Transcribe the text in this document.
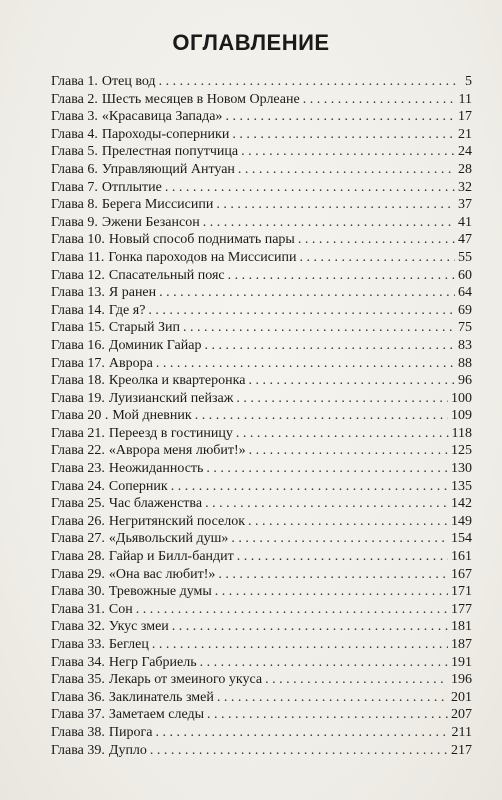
ОГЛАВЛЕНИЕ
Глава 1. Отец вод . . .	5
Глава 2. Шесть месяцев в Новом Орлеане . . .	11
Глава 3. «Красавица Запада» . . .	17
Глава 4. Пароходы-соперники . . .	21
Глава 5. Прелестная попутчица . . .	24
Глава 6. Управляющий Антуан . . .	28
Глава 7. Отплытие . . .	32
Глава 8. Берега Миссисипи . . .	37
Глава 9. Эжени Безансон . . .	41
Глава 10. Новый способ поднимать пары . . .	47
Глава 11. Гонка пароходов на Миссисипи . . .	55
Глава 12. Спасательный пояс . . .	60
Глава 13. Я ранен . . .	64
Глава 14. Где я? . . .	69
Глава 15. Старый Зип . . .	75
Глава 16. Доминик Гайар . . .	83
Глава 17. Аврора . . .	88
Глава 18. Креолка и квартеронка . . .	96
Глава 19. Луизианский пейзаж . . .	100
Глава 20 . Мой дневник . . .	109
Глава 21. Переезд в гостиницу . . .	118
Глава 22. «Аврора меня любит!» . . .	125
Глава 23. Неожиданность . . .	130
Глава 24. Соперник . . .	135
Глава 25. Час блаженства . . .	142
Глава 26. Негритянский поселок . . .	149
Глава 27. «Дьявольский душ» . . .	154
Глава 28. Гайар и Билл-бандит . . .	161
Глава 29. «Она вас любит!» . . .	167
Глава 30. Тревожные думы . . .	171
Глава 31. Сон . . .	177
Глава 32. Укус змеи . . .	181
Глава 33. Беглец . . .	187
Глава 34. Негр Габриель . . .	191
Глава 35. Лекарь от змеиного укуса . . .	196
Глава 36. Заклинатель змей . . .	201
Глава 37. Заметаем следы . . .	207
Глава 38. Пирога . . .	211
Глава 39. Дупло . . .	217
